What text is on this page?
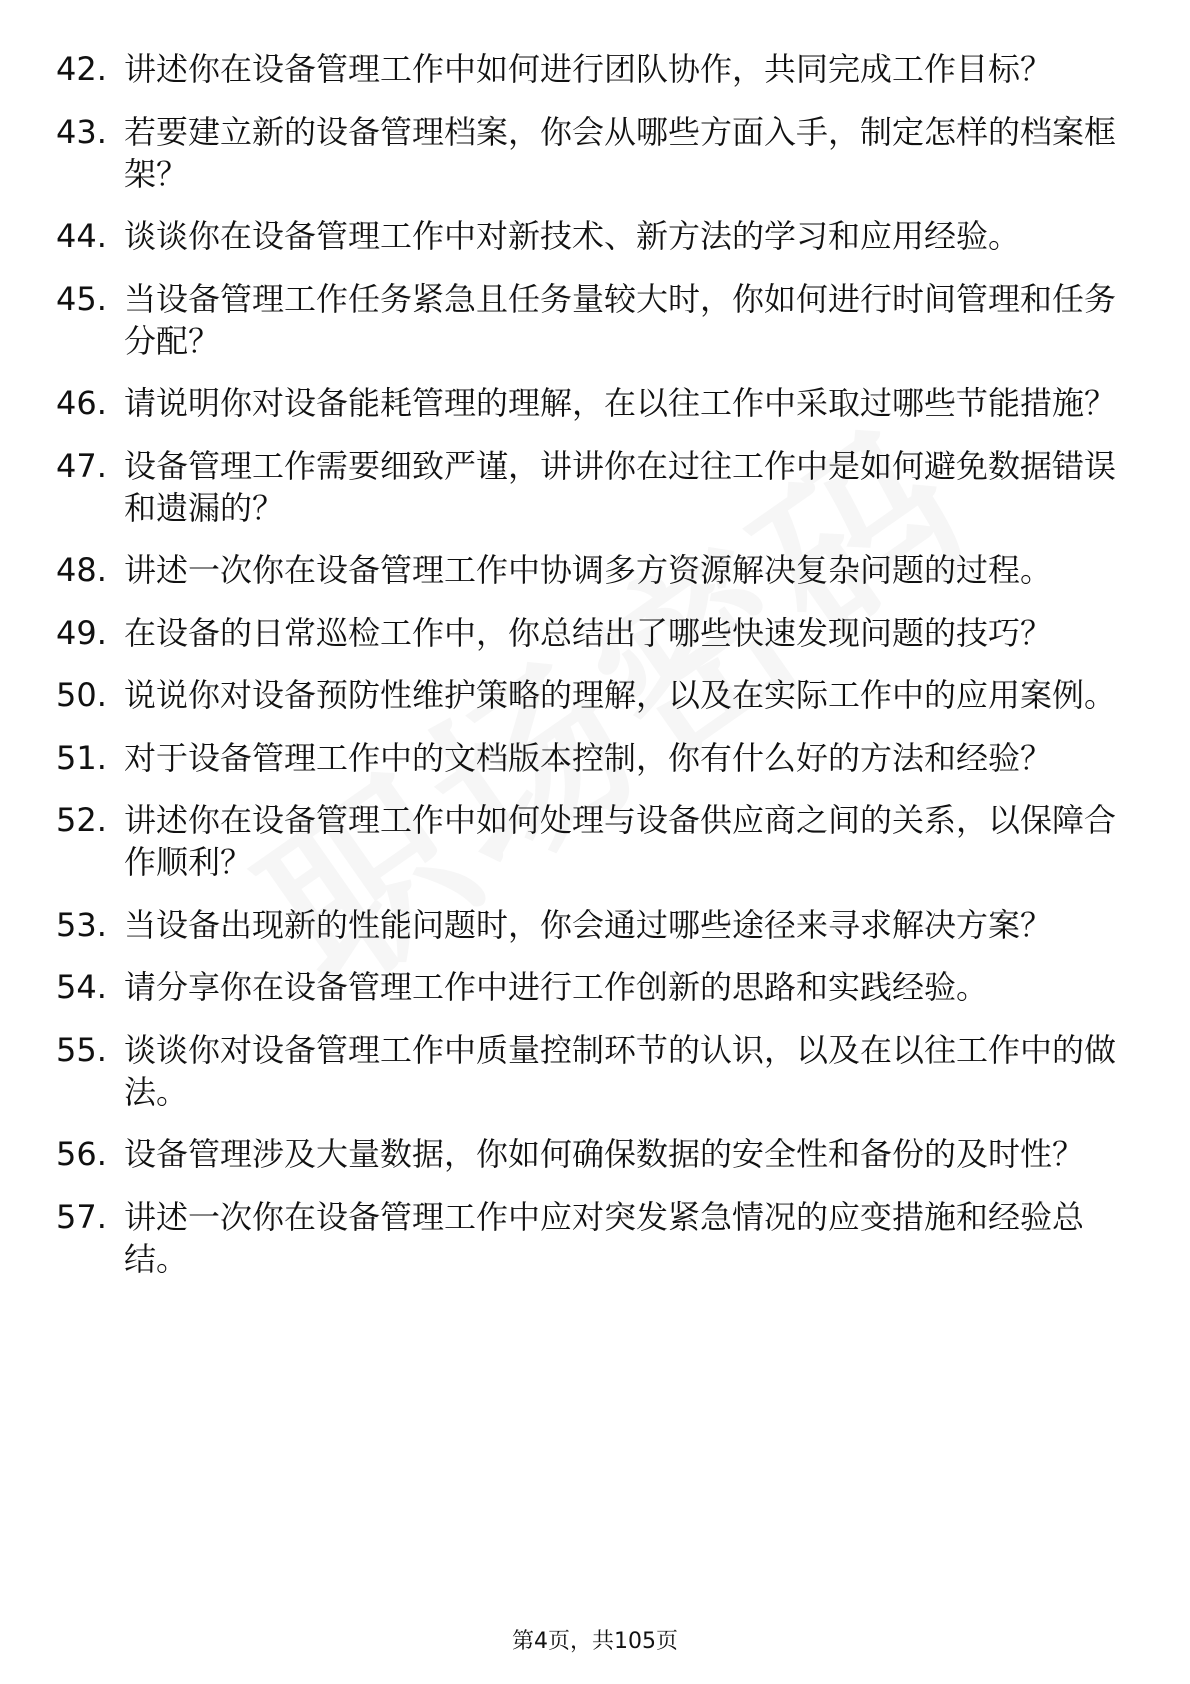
42. 讲述你在设备管理工作中如何进行团队协作，共同完成工作目标？
43. 若要建立新的设备管理档案，你会从哪些方面入手，制定怎样的档案框架？
44. 谈谈你在设备管理工作中对新技术、新方法的学习和应用经验。
45. 当设备管理工作任务紧急且任务量较大时，你如何进行时间管理和任务分配？
46. 请说明你对设备能耗管理的理解，在以往工作中采取过哪些节能措施？
47. 设备管理工作需要细致严谨，讲讲你在过往工作中是如何避免数据错误和遗漏的？
48. 讲述一次你在设备管理工作中协调多方资源解决复杂问题的过程。
49. 在设备的日常巡检工作中，你总结出了哪些快速发现问题的技巧？
50. 说说你对设备预防性维护策略的理解，以及在实际工作中的应用案例。
51. 对于设备管理工作中的文档版本控制，你有什么好的方法和经验？
52. 讲述你在设备管理工作中如何处理与设备供应商之间的关系，以保障合作顺利？
53. 当设备出现新的性能问题时，你会通过哪些途径来寻求解决方案？
54. 请分享你在设备管理工作中进行工作创新的思路和实践经验。
55. 谈谈你对设备管理工作中质量控制环节的认识，以及在以往工作中的做法。
56. 设备管理涉及大量数据，你如何确保数据的安全性和备份的及时性？
57. 讲述一次你在设备管理工作中应对突发紧急情况的应变措施和经验总结。
第4页，共105页
